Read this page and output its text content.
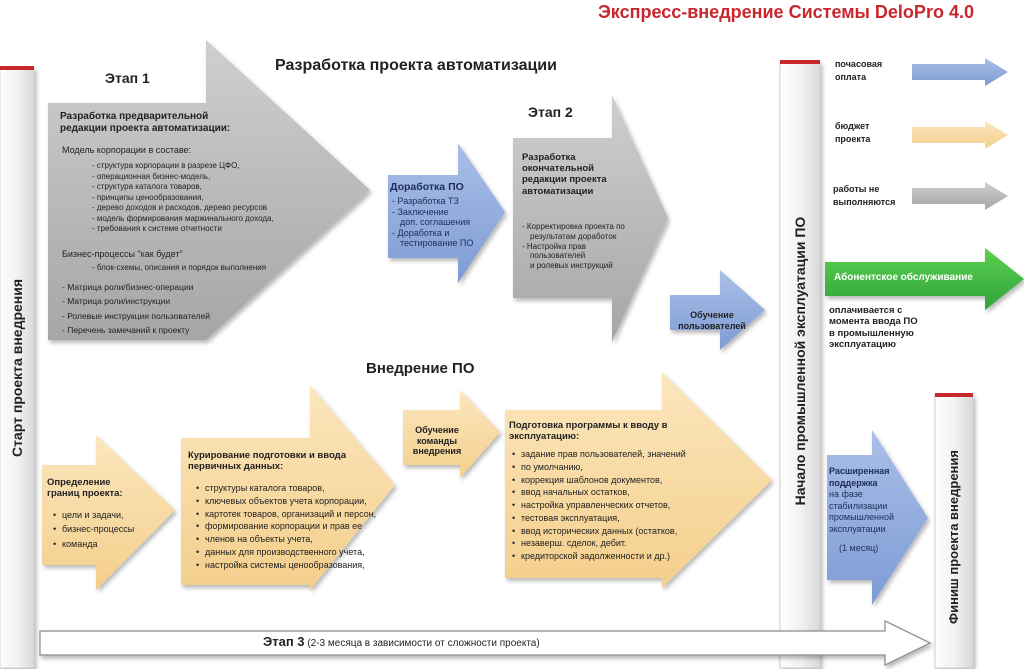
Экспресс-внедрение Системы DeloPro 4.0
Разработка проекта автоматизации
Внедрение ПО
Этап 1
Разработка предварительной редакции проекта автоматизации:
Модель корпорации в составе:
- структура корпорации в разрезе ЦФО,
- операционная бизнес-модель,
- структура каталога товаров,
- принципы ценообразования,
- дерево доходов и расходов, дерево ресурсов
- модель формирования маржинального дохода,
- требования к системе отчетности
Бизнес-процессы "как будет"
- блок-схемы, описания и порядок выполнения
- Матрица роли/бизнес-операции
- Матрица роли/инструкции
- Ролевые инструкции пользователей
- Перечень замечаний к проекту
Доработка ПО
- Разработка ТЗ
- Заключение
доп. соглашения
- Доработка и
тестирование ПО
Этап 2
Разработка окончательной редакции проекта автоматизации
- Корректировка проекта по
результатам доработок
- Настройка прав
пользователей
и ролевых инструкций
Обучение пользователей
Определение границ проекта:
• цели и задачи,
• бизнес-процессы
• команда
Курирование подготовки и ввода первичных данных:
• структуры каталога товаров,
• ключевых объектов учета корпорации,
• картотек товаров, организаций и персон,
• формирование корпорации и прав ее
• членов на объекты учета,
• данных для производственного учета,
• настройка системы ценообразования,
Обучение команды внедрения
Подготовка программы к вводу в эксплуатацию:
• задание прав пользователей, значений
• по умолчанию,
• коррекция шаблонов документов,
• ввод начальных остатков,
• настройка управленческих отчетов,
• тестовая эксплуатация,
• ввод исторических данных (остатков,
• незаверш. сделок, дебит.
• кредиторской задолженности и др.)
Расширенная поддержка
на фазе
стабилизации
промышленной
эксплуатации
(1 месяц)
почасовая оплата
бюджет проекта
работы не выполняются
Абонентское обслуживание
оплачивается с момента ввода ПО в промышленную эксплуатацию
Этап 3 (2-3 месяца в зависимости от сложности проекта)
Старт проекта внедрения	Начало промышленной эксплуатации ПО
Финиш проекта внедрения
